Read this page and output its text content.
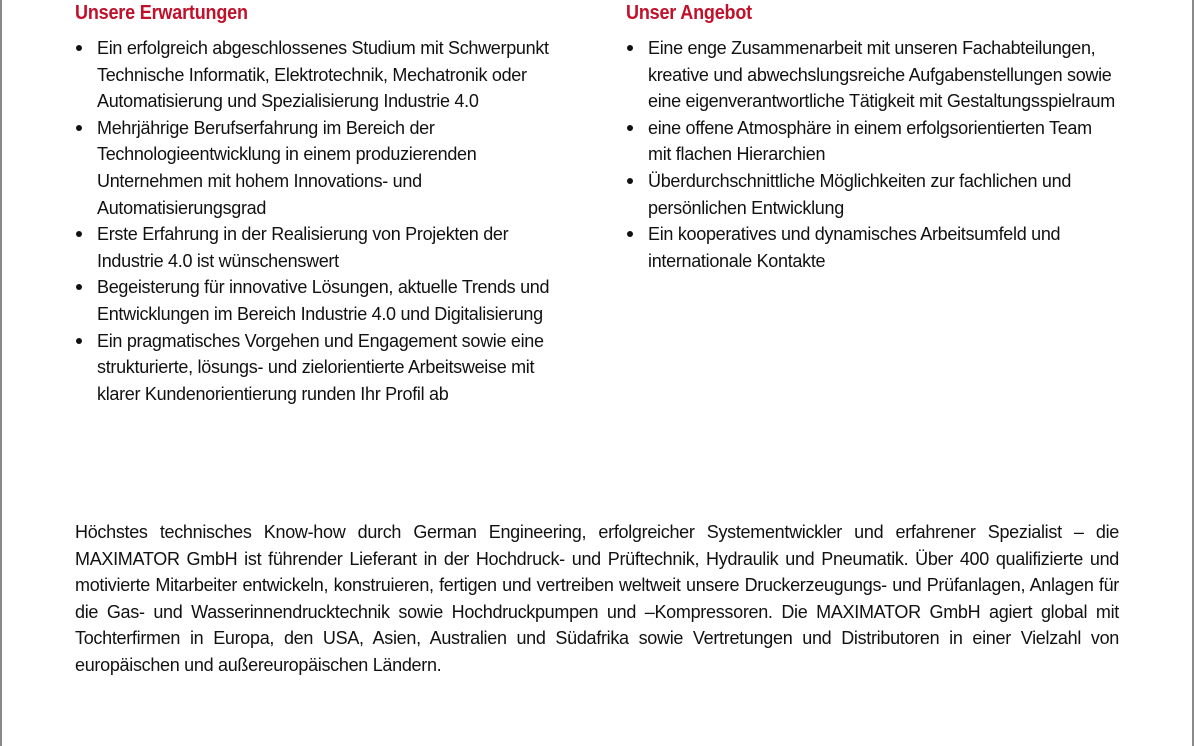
Unsere Erwartungen
Ein erfolgreich abgeschlossenes Studium mit Schwerpunkt Technische Informatik, Elektrotechnik, Mechatronik oder Automatisierung und Spezialisierung Industrie 4.0
Mehrjährige Berufserfahrung im Bereich der Technologieentwicklung in einem produzierenden Unternehmen mit hohem Innovations- und Automatisierungsgrad
Erste Erfahrung in der Realisierung von Projekten der Industrie 4.0 ist wünschenswert
Begeisterung für innovative Lösungen, aktuelle Trends und Entwicklungen im Bereich Industrie 4.0 und Digitalisierung
Ein pragmatisches Vorgehen und Engagement sowie eine strukturierte, lösungs- und zielorientierte Arbeitsweise mit klarer Kundenorientierung runden Ihr Profil ab
Unser Angebot
Eine enge Zusammenarbeit mit unseren Fachabteilungen, kreative und abwechslungsreiche Aufgabenstellungen sowie eine eigenverantwortliche Tätigkeit mit Gestaltungsspielraum
eine offene Atmosphäre in einem erfolgsorientierten Team mit flachen Hierarchien
Überdurchschnittliche Möglichkeiten zur fachlichen und persönlichen Entwicklung
Ein kooperatives und dynamisches Arbeitsumfeld und internationale Kontakte

Höchstes technisches Know-how durch German Engineering, erfolgreicher Systementwickler und erfahrener Spezialist – die MAXIMATOR GmbH ist führender Lieferant in der Hochdruck- und Prüftechnik, Hydraulik und Pneumatik. Über 400 qualifizierte und motivierte Mitarbeiter entwickeln, konstruieren, fertigen und vertreiben weltweit unsere Druckerzeugungs- und Prüfanlagen, Anlagen für die Gas- und Wasserinnendrucktechnik sowie Hochdruckpumpen und –Kompressoren. Die MAXIMATOR GmbH agiert global mit Tochterfirmen in Europa, den USA, Asien, Australien und Südafrika sowie Vertretungen und Distributoren in einer Vielzahl von europäischen und außereuropäischen Ländern.
